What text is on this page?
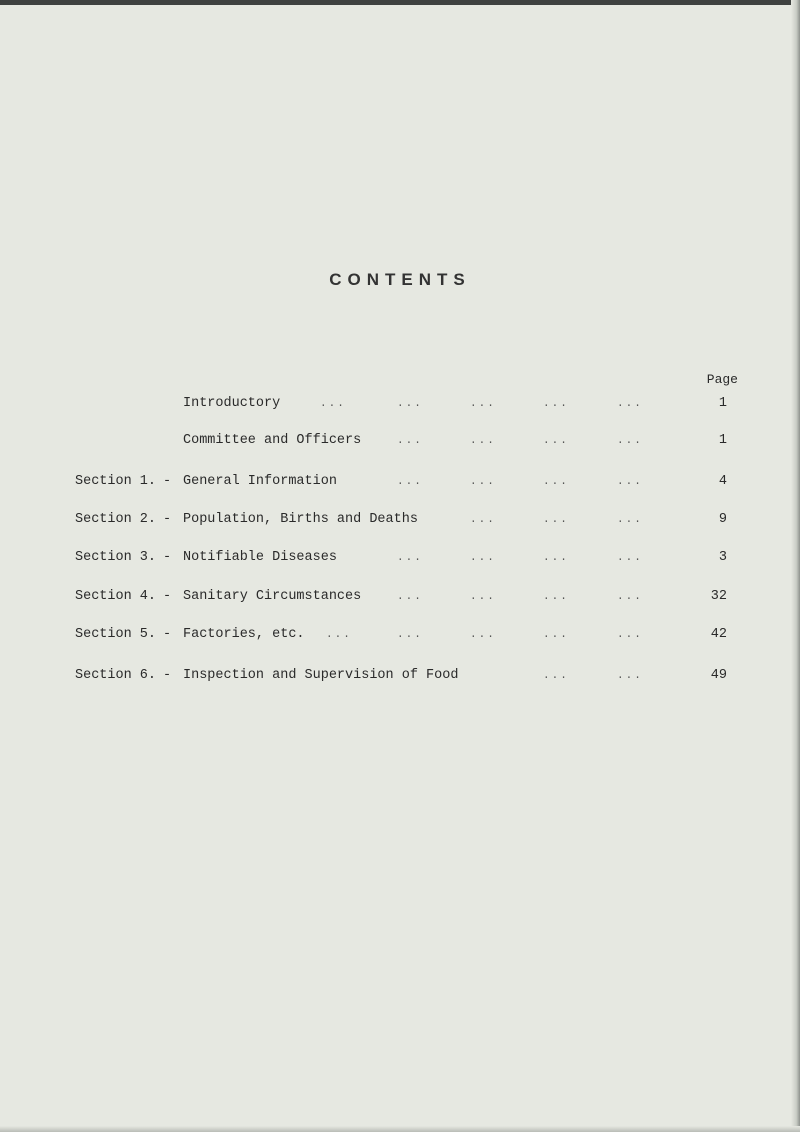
CONTENTS
Page
...	...	...	...	...
Introductory	1
...	...	...	...
Committee and Officers	1
...	...	...	...
Section 1. - General Information	4
...	...	...
Section 2. - Population, Births and Deaths	9
...	...	...	...
Section 3. - Notifiable Diseases	3
...	...	...	...
Section 4. - Sanitary Circumstances	32
...	...	...	...	...
Section 5. - Factories, etc.	42
...	...
Section 6. - Inspection and Supervision of Food	49
